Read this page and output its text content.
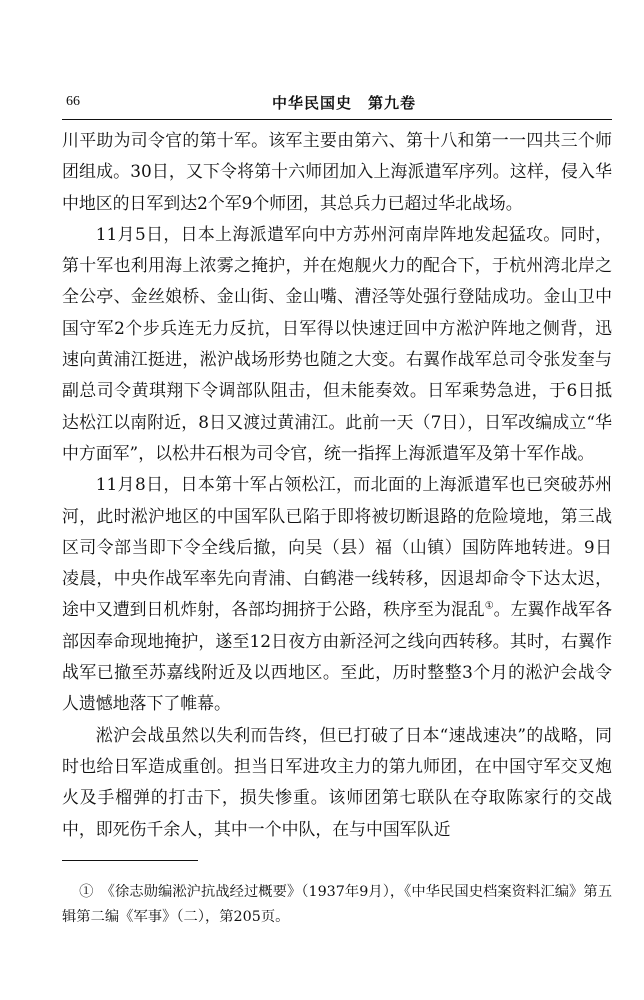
66	中华民国史　第九卷

川平助为司令官的第十军。该军主要由第六、第十八和第一一四共三个师团组成。30日，又下令将第十六师团加入上海派遣军序列。这样，侵入华中地区的日军到达2个军9个师团，其总兵力已超过华北战场。

11月5日，日本上海派遣军向中方苏州河南岸阵地发起猛攻。同时，第十军也利用海上浓雾之掩护，并在炮舰火力的配合下，于杭州湾北岸之全公亭、金丝娘桥、金山街、金山嘴、漕泾等处强行登陆成功。金山卫中国守军2个步兵连无力反抗，日军得以快速迂回中方淞沪阵地之侧背，迅速向黄浦江挺进，淞沪战场形势也随之大变。右翼作战军总司令张发奎与副总司令黄琪翔下令调部队阻击，但未能奏效。日军乘势急进，于6日抵达松江以南附近，8日又渡过黄浦江。此前一天（7日），日军改编成立“华中方面军”，以松井石根为司令官，统一指挥上海派遣军及第十军作战。

11月8日，日本第十军占领松江，而北面的上海派遣军也已突破苏州河，此时淞沪地区的中国军队已陷于即将被切断退路的危险境地，第三战区司令部当即下令全线后撤，向吴（县）福（山镇）国防阵地转进。9日凌晨，中央作战军率先向青浦、白鹤港一线转移，因退却命令下达太迟，途中又遭到日机炸射，各部均拥挤于公路，秩序至为混乱①。左翼作战军各部因奉命现地掩护，遂至12日夜方由新泾河之线向西转移。其时，右翼作战军已撤至苏嘉线附近及以西地区。至此，历时整整3个月的淞沪会战令人遗憾地落下了帷幕。

淞沪会战虽然以失利而告终，但已打破了日本“速战速决”的战略，同时也给日军造成重创。担当日军进攻主力的第九师团，在中国守军交叉炮火及手榴弹的打击下，损失惨重。该师团第七联队在夺取陈家行的交战中，即死伤千余人，其中一个中队，在与中国军队近

①　《徐志勋编淞沪抗战经过概要》（1937年9月），《中华民国史档案资料汇编》第五辑第二编《军事》（二），第205页。
